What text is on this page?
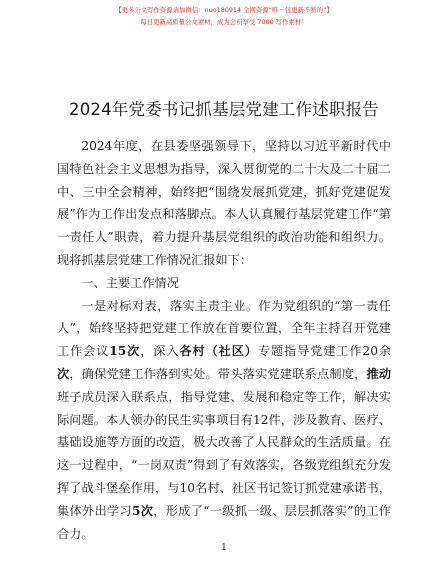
【更多公文写作资源请加微信：nuo180914 全网资源“唯一包更新不断的”】
每日更新高质量公文素材，成为会员享受 7000 写作素材！
2024年党委书记抓基层党建工作述职报告

2024年度，在县委坚强领导下，坚持以习近平新时代中国特色社会主义思想为指导，深入贯彻党的二十大及二十届二中、三中全会精神，始终把“围绕发展抓党建，抓好党建促发展”作为工作出发点和落脚点。本人认真履行基层党建工作“第一责任人”职责，着力提升基层党组织的政治功能和组织力。现将抓基层党建工作情况汇报如下：

一、主要工作情况

一是对标对表，落实主责主业。作为党组织的“第一责任人”，始终坚持把党建工作放在首要位置，全年主持召开党建工作会议15次，深入各村（社区）专题指导党建工作20余次，确保党建工作落到实处。带头落实党建联系点制度，推动班子成员深入联系点，指导党建、发展和稳定等工作，解决实际问题。本人领办的民生实事项目有12件，涉及教育、医疗、基础设施等方面的改造，极大改善了人民群众的生活质量。在这一过程中，“一岗双责”得到了有效落实，各级党组织充分发挥了战斗堡垒作用，与10名村、社区书记签订抓党建承诺书，集体外出学习5次，形成了“一级抓一级、层层抓落实”的工作合力。

1
